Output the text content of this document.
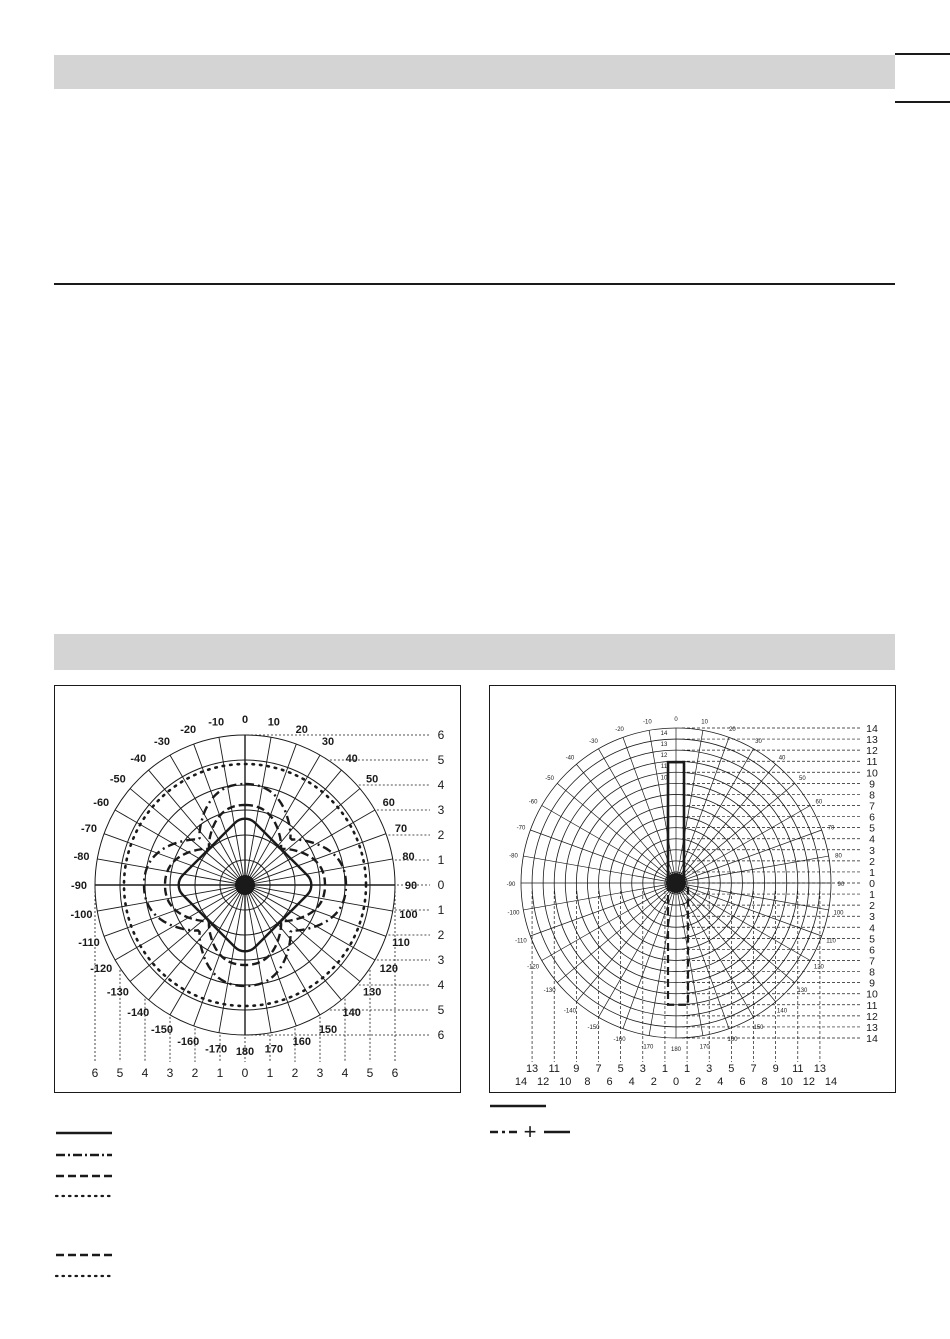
0 10
20
30
40
50
60
70
80
90
100
110
120
130
140
150
160
170
180
-170
-160
-150
-140
-130
-120
-110
-100
-90
-80
-70
-60
-50
-40
-30
-20
-10
6
5
4
3
2
1
0
1
2
3
4
5
6
6 5 4 3 2 1 0 1 2 3 4 5 6
0	10
20
30
40
50
60
70
80
90
100
110
120
130
140
150
160
170
180
-170
-160
-150
-140
-130
-120
-110
-100
-90
-80
-70
-60
-50
-40
-30
-20
-10
14
13
12
11
10
14
13
12
11
10
9
8
7
6
5
4
3
2
1
0
1
2
3
4
5
6
7
8
9
10
11
12
13
14
14 12 10 8 6 4 2 0 2 4 6 8 10 12 14
13 11 9 7 5 3 1 1 3 5 7 9 11 13
+
